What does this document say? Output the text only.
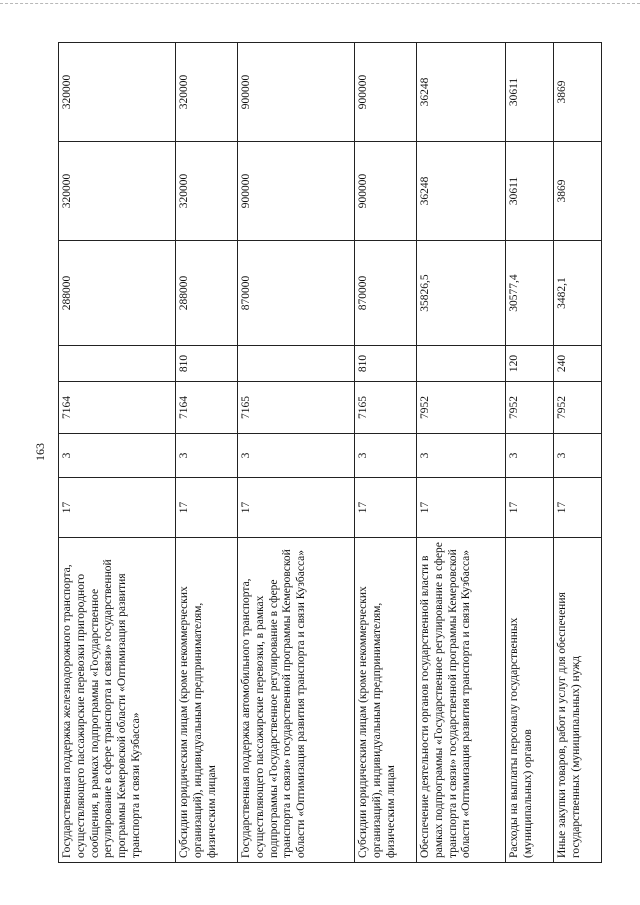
163
Государственная поддержка железнодорожного транспорта, осуществляющего пассажирские перевозки пригородного сообщения, в рамках подпрограммы «Государственное регулирование в сфере транспорта и связи» государственной программы Кемеровской области «Оптимизация развития транспорта и связи Кузбасса»	17	3	7164		288000	320000	320000
Субсидии юридическим лицам (кроме некоммерческих организаций), индивидуальным предпринимателям, физическим лицам	17	3	7164	810	288000	320000	320000
Государственная поддержка автомобильного транспорта, осуществляющего пассажирские перевозки, в рамках подпрограммы «Государственное регулирование в сфере транспорта и связи» государственной программы Кемеровской области «Оптимизация развития транспорта и связи Кузбасса»	17	3	7165		870000	900000	900000
Субсидии юридическим лицам (кроме некоммерческих организаций), индивидуальным предпринимателям, физическим лицам	17	3	7165	810	870000	900000	900000
Обеспечение деятельности органов государственной власти в рамках подпрограммы «Государственное регулирование в сфере транспорта и связи» государственной программы Кемеровской области «Оптимизация развития транспорта и связи Кузбасса»	17	3	7952		35826,5	36248	36248
Расходы на выплаты персоналу государственных (муниципальных) органов	17	3	7952	120	30577,4	30611	30611
Иные закупки товаров, работ и услуг для обеспечения государственных (муниципальных) нужд	17	3	7952	240	3482,1	3869	3869
